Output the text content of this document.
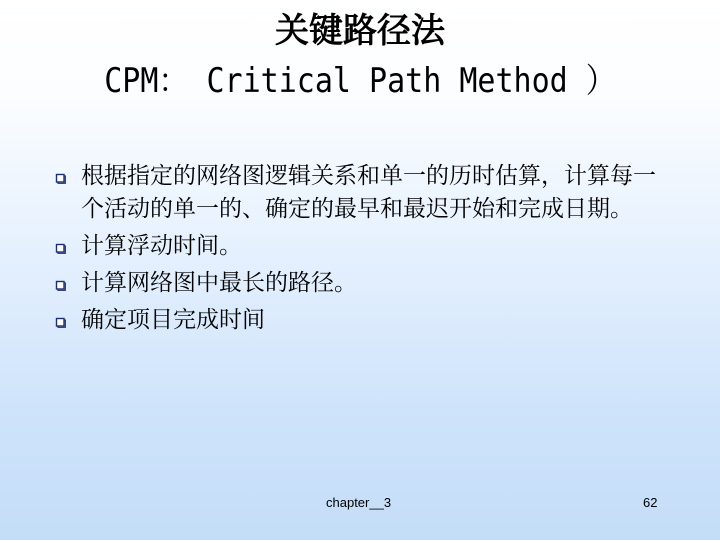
关键路径法
CPM： Critical Path Method ）
根据指定的网络图逻辑关系和单一的历时估算，计算每一个活动的单一的、确定的最早和最迟开始和完成日期。
计算浮动时间。
计算网络图中最长的路径。
确定项目完成时间
chapter__3	62
